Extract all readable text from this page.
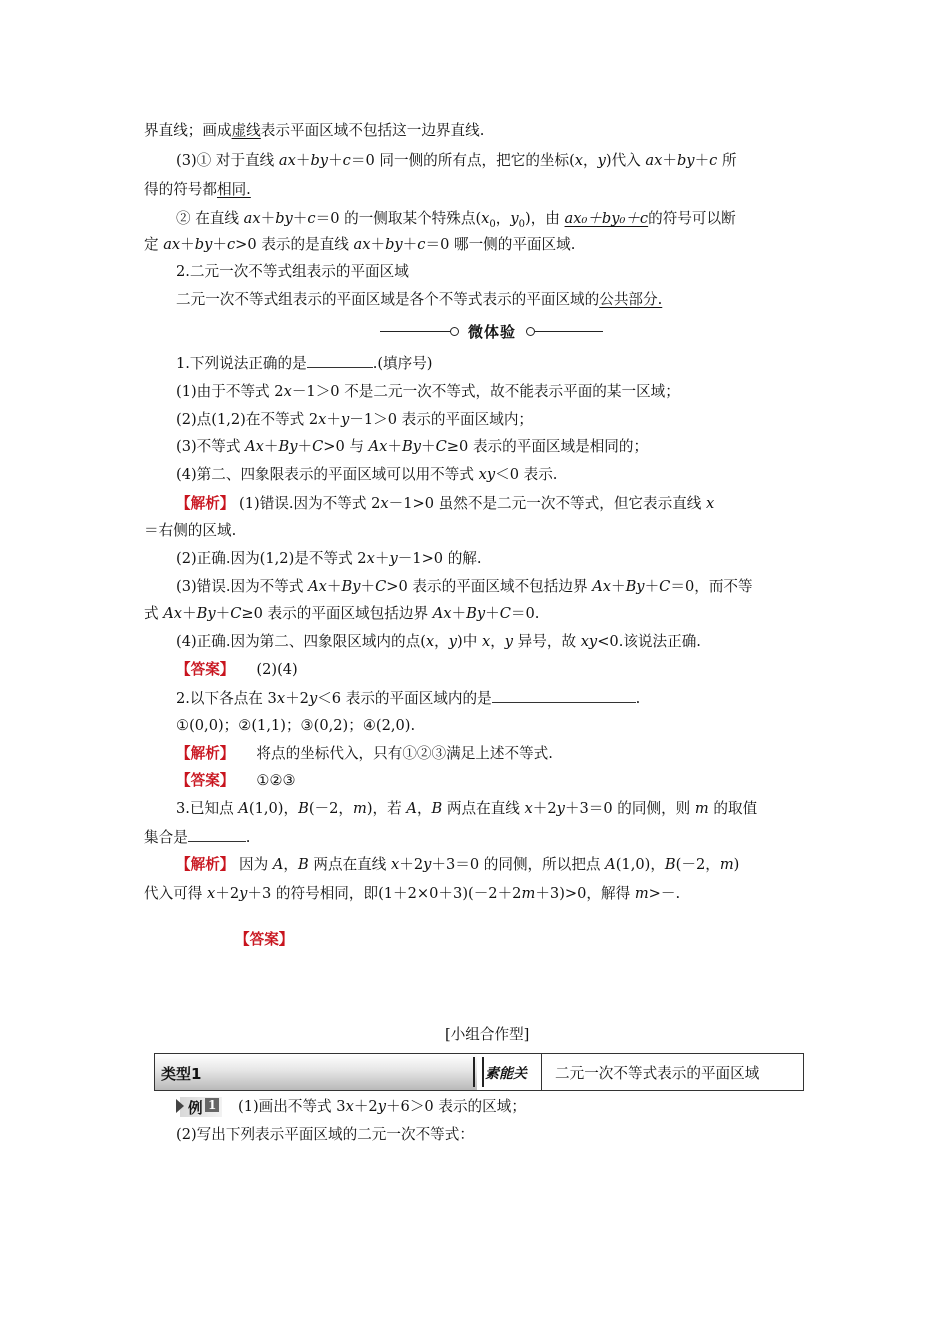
界直线；画成虚线表示平面区域不包括这一边界直线.
(3)① 对于直线 ax＋by＋c＝0 同一侧的所有点，把它的坐标(x，y)代入 ax＋by＋c 所
得的符号都相同.
② 在直线 ax＋by＋c＝0 的一侧取某个特殊点($x_0$，$y_0$)，由 ax₀＋by₀＋c的符号可以断
定 ax＋by＋c>0 表示的是直线 ax＋by＋c＝0 哪一侧的平面区域.
2.二元一次不等式组表示的平面区域
二元一次不等式组表示的平面区域是各个不等式表示的平面区域的公共部分.
微体验
1.下列说法正确的是	.(填序号)
(1)由于不等式 2x－1＞0 不是二元一次不等式，故不能表示平面的某一区域；
(2)点(1,2)在不等式 2x＋y－1＞0 表示的平面区域内；
(3)不等式 Ax＋By＋C>0 与 Ax＋By＋C≥0 表示的平面区域是相同的；
(4)第二、四象限表示的平面区域可以用不等式 xy＜0 表示.
【解析】 (1)错误.因为不等式 2x－1>0 虽然不是二元一次不等式，但它表示直线 x
＝右侧的区域.
(2)正确.因为(1,2)是不等式 2x＋y－1>0 的解.
(3)错误.因为不等式 Ax＋By＋C>0 表示的平面区域不包括边界 Ax＋By＋C＝0，而不等
式 Ax＋By＋C≥0 表示的平面区域包括边界 Ax＋By＋C＝0.
(4)正确.因为第二、四象限区域内的点(x，y)中 x，y 异号，故 xy<0.该说法正确.
【答案】 (2)(4)
2.以下各点在 3x＋2y＜6 表示的平面区域内的是	.
①(0,0)；②(1,1)；③(0,2)；④(2,0).
【解析】 将点的坐标代入，只有①②③满足上述不等式.
【答案】 ①②③
3.已知点 A(1,0)，B(－2，m)，若 A，B 两点在直线 x＋2y＋3＝0 的同侧，则 m 的取值
集合是	.
【解析】 因为 A，B 两点在直线 x＋2y＋3＝0 的同侧，所以把点 A(1,0)，B(－2，m)
代入可得 x＋2y＋3 的符号相同，即(1＋2×0＋3)(－2＋2m＋3)>0，解得 m>－.
【答案】
[小组合作型]
类型1	素能关 二元一次不等式表示的平面区域
例 1 (1)画出不等式 3x＋2y＋6＞0 表示的区域；
(2)写出下列表示平面区域的二元一次不等式：
